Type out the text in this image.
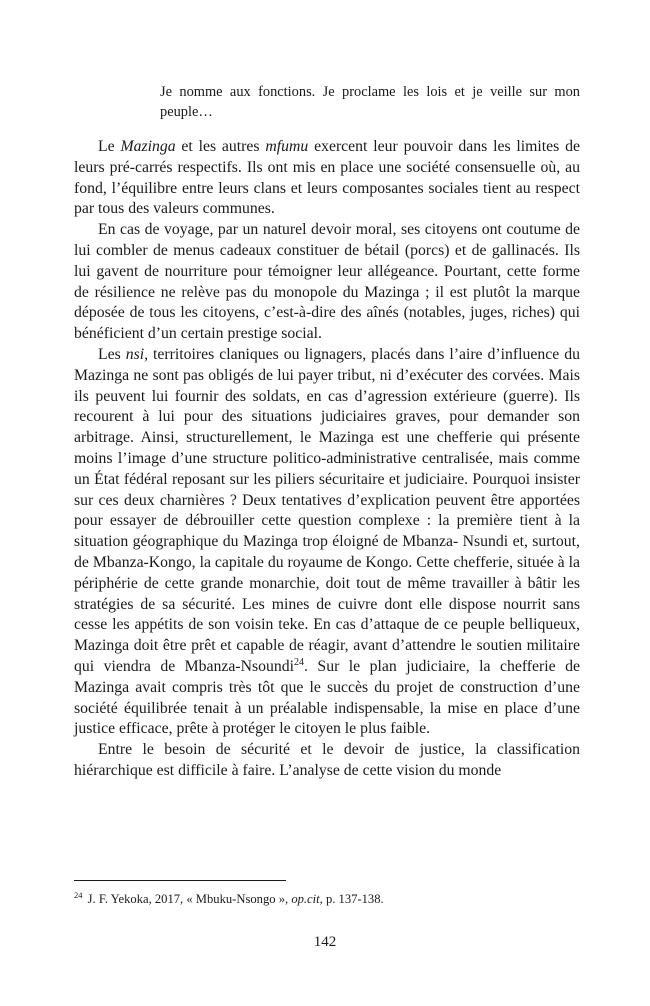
Je nomme aux fonctions. Je proclame les lois et je veille sur mon peuple…

Le Mazinga et les autres mfumu exercent leur pouvoir dans les limites de leurs pré-carrés respectifs. Ils ont mis en place une société consensuelle où, au fond, l’équilibre entre leurs clans et leurs composantes sociales tient au respect par tous des valeurs communes.

En cas de voyage, par un naturel devoir moral, ses citoyens ont coutume de lui combler de menus cadeaux constituer de bétail (porcs) et de gallinacés. Ils lui gavent de nourriture pour témoigner leur allégeance. Pourtant, cette forme de résilience ne relève pas du monopole du Mazinga ; il est plutôt la marque déposée de tous les citoyens, c’est-à-dire des aînés (notables, juges, riches) qui bénéficient d’un certain prestige social.

Les nsi, territoires claniques ou lignagers, placés dans l’aire d’influence du Mazinga ne sont pas obligés de lui payer tribut, ni d’exécuter des corvées. Mais ils peuvent lui fournir des soldats, en cas d’agression extérieure (guerre). Ils recourent à lui pour des situations judiciaires graves, pour demander son arbitrage. Ainsi, structurellement, le Mazinga est une chefferie qui présente moins l’image d’une structure politico-administrative centralisée, mais comme un État fédéral reposant sur les piliers sécuritaire et judiciaire. Pourquoi insister sur ces deux charnières ? Deux tentatives d’explication peuvent être apportées pour essayer de débrouiller cette question complexe : la première tient à la situation géographique du Mazinga trop éloigné de Mbanza- Nsundi et, surtout, de Mbanza-Kongo, la capitale du royaume de Kongo. Cette chefferie, située à la périphérie de cette grande monarchie, doit tout de même travailler à bâtir les stratégies de sa sécurité. Les mines de cuivre dont elle dispose nourrit sans cesse les appétits de son voisin teke. En cas d’attaque de ce peuple belliqueux, Mazinga doit être prêt et capable de réagir, avant d’attendre le soutien militaire qui viendra de Mbanza-Nsoundi$^{24}$. Sur le plan judiciaire, la chefferie de Mazinga avait compris très tôt que le succès du projet de construction d’une société équilibrée tenait à un préalable indispensable, la mise en place d’une justice efficace, prête à protéger le citoyen le plus faible.

Entre le besoin de sécurité et le devoir de justice, la classification hiérarchique est difficile à faire. L’analyse de cette vision du monde

$^{24}$ J. F. Yekoka, 2017, « Mbuku-Nsongo », op.cit, p. 137-138.
142
